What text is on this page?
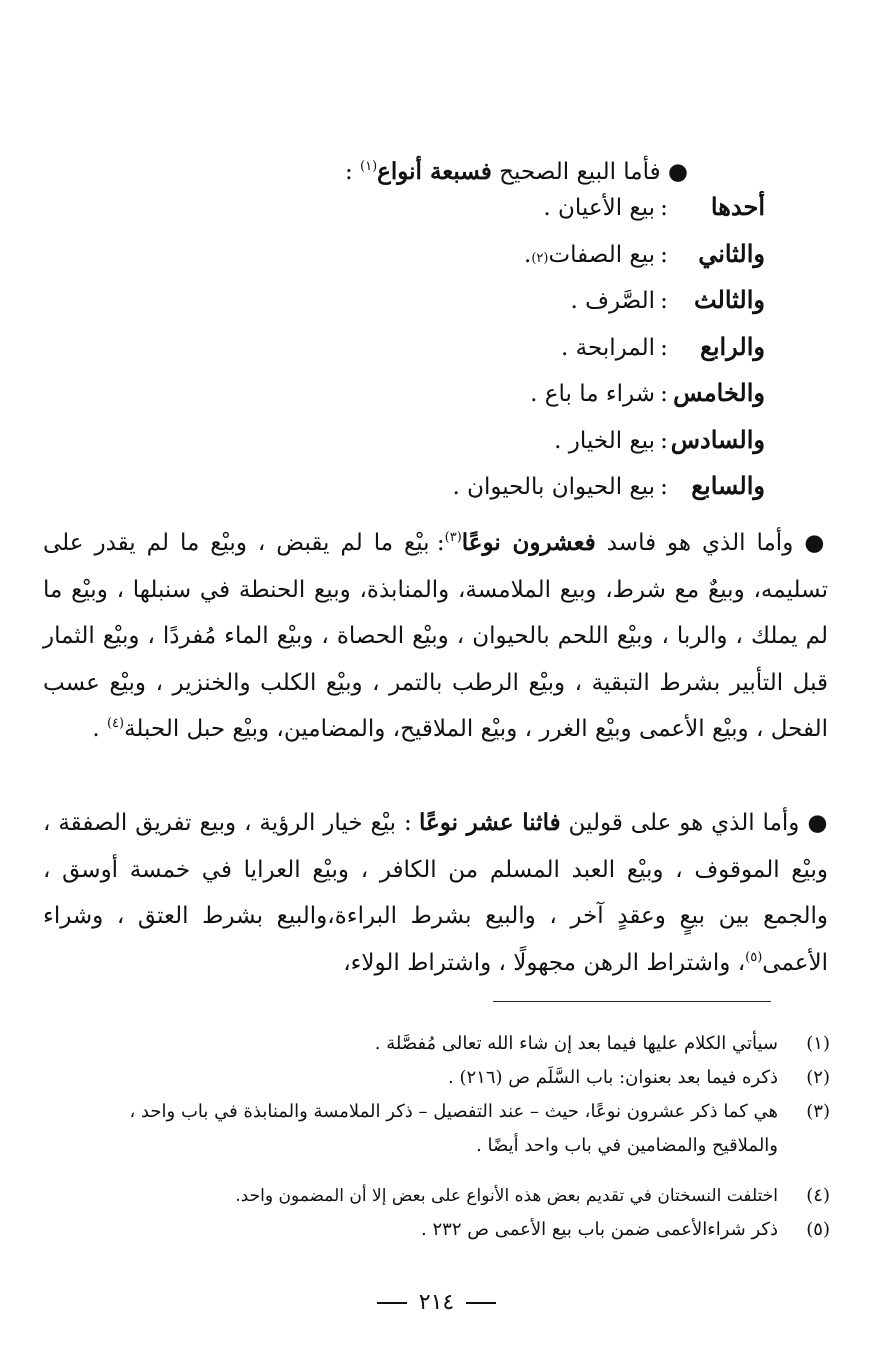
● فأما البيع الصحيح فسبعة أنواع$^{(١)}$ :
أحدها
:
بيع الأعيان .
والثاني
:
بيع الصفات
(٢)
.
والثالث
:
الصَّرف .
والرابع
:
المرابحة .
والخامس
:
شراء ما باع .
والسادس
:
بيع الخيار .
والسابع
:
بيع الحيوان بالحيوان .
● وأما الذي هو فاسد فعشرون نوعًا$^{(٣)}$: بيْع ما لم يقبض ، وبيْع ما لم يقدر على تسليمه، وبيعٌ مع شرط، وبيع الملامسة، والمنابذة، وبيع الحنطة في سنبلها ، وبيْع ما لم يملك ، والربا ، وبيْع اللحم بالحيوان ، وبيْع الحصاة ، وبيْع الماء مُفردًا ، وبيْع الثمار قبل التأبير بشرط التبقية ، وبيْع الرطب بالتمر ، وبيْع الكلب والخنزير ، وبيْع عسب الفحل ، وبيْع الأعمى وبيْع الغرر ، وبيْع الملاقيح، والمضامين، وبيْع حبل الحبلة$^{(٤)}$ .
● وأما الذي هو على قولين فاثنا عشر نوعًا : بيْع خيار الرؤية ، وبيع تفريق الصفقة ، وبيْع الموقوف ، وبيْع العبد المسلم من الكافر ، وبيْع العرايا في خمسة أوسق ، والجمع بين بيعٍ وعقدٍ آخر ، والبيع بشرط البراءة،والبيع بشرط العتق ، وشراء الأعمى$^{(٥)}$، واشتراط الرهن مجهولًا ، واشتراط الولاء،
(١)
سيأتي الكلام عليها فيما بعد إن شاء الله تعالى مُفصَّلة .
(٢)
ذكره فيما بعد بعنوان: باب السَّلَم ص (٢١٦) .
(٣)
هي كما ذكر عشرون نوعًا، حيث – عند التفصيل – ذكر الملامسة والمنابذة في باب واحد ، والملاقيح والمضامين في باب واحد أيضًا .
(٤)
اختلفت النسختان في تقديم بعض هذه الأنواع على بعض إلا أن المضمون واحد.
(٥)
ذكر شراءالأعمى ضمن باب بيع الأعمى ص ٢٣٢ .
٢١٤
